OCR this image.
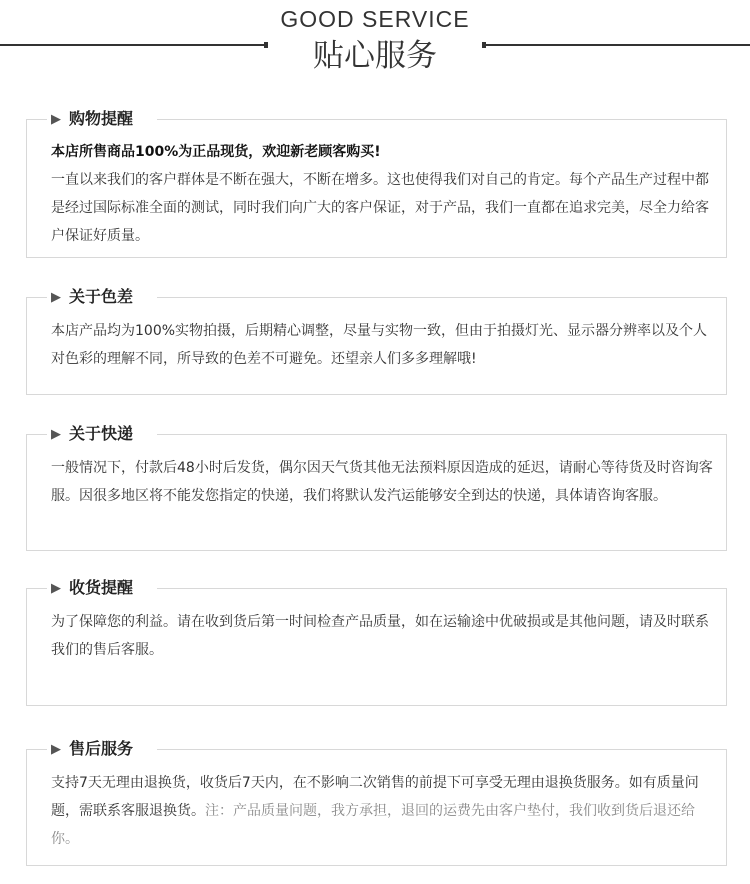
GOOD SERVICE
贴心服务
▶ 购物提醒
本店所售商品100%为正品现货，欢迎新老顾客购买!
一直以来我们的客户群体是不断在强大，不断在增多。这也使得我们对自己的肯定。每个产品生产过程中都是经过国际标准全面的测试，同时我们向广大的客户保证，对于产品，我们一直都在追求完美，尽全力给客户保证好质量。
▶ 关于色差
本店产品均为100%实物拍摄，后期精心调整，尽量与实物一致，但由于拍摄灯光、显示器分辨率以及个人对色彩的理解不同，所导致的色差不可避免。还望亲人们多多理解哦!
▶ 关于快递
一般情况下，付款后48小时后发货，偶尔因天气货其他无法预料原因造成的延迟，请耐心等待货及时咨询客服。因很多地区将不能发您指定的快递，我们将默认发汽运能够安全到达的快递，具体请咨询客服。
▶ 收货提醒
为了保障您的利益。请在收到货后第一时间检查产品质量，如在运输途中优破损或是其他问题，请及时联系我们的售后客服。
▶ 售后服务
支持7天无理由退换货，收货后7天内，在不影响二次销售的前提下可享受无理由退换货服务。如有质量问题，需联系客服退换货。注：产品质量问题，我方承担，退回的运费先由客户垫付，我们收到货后退还给你。
